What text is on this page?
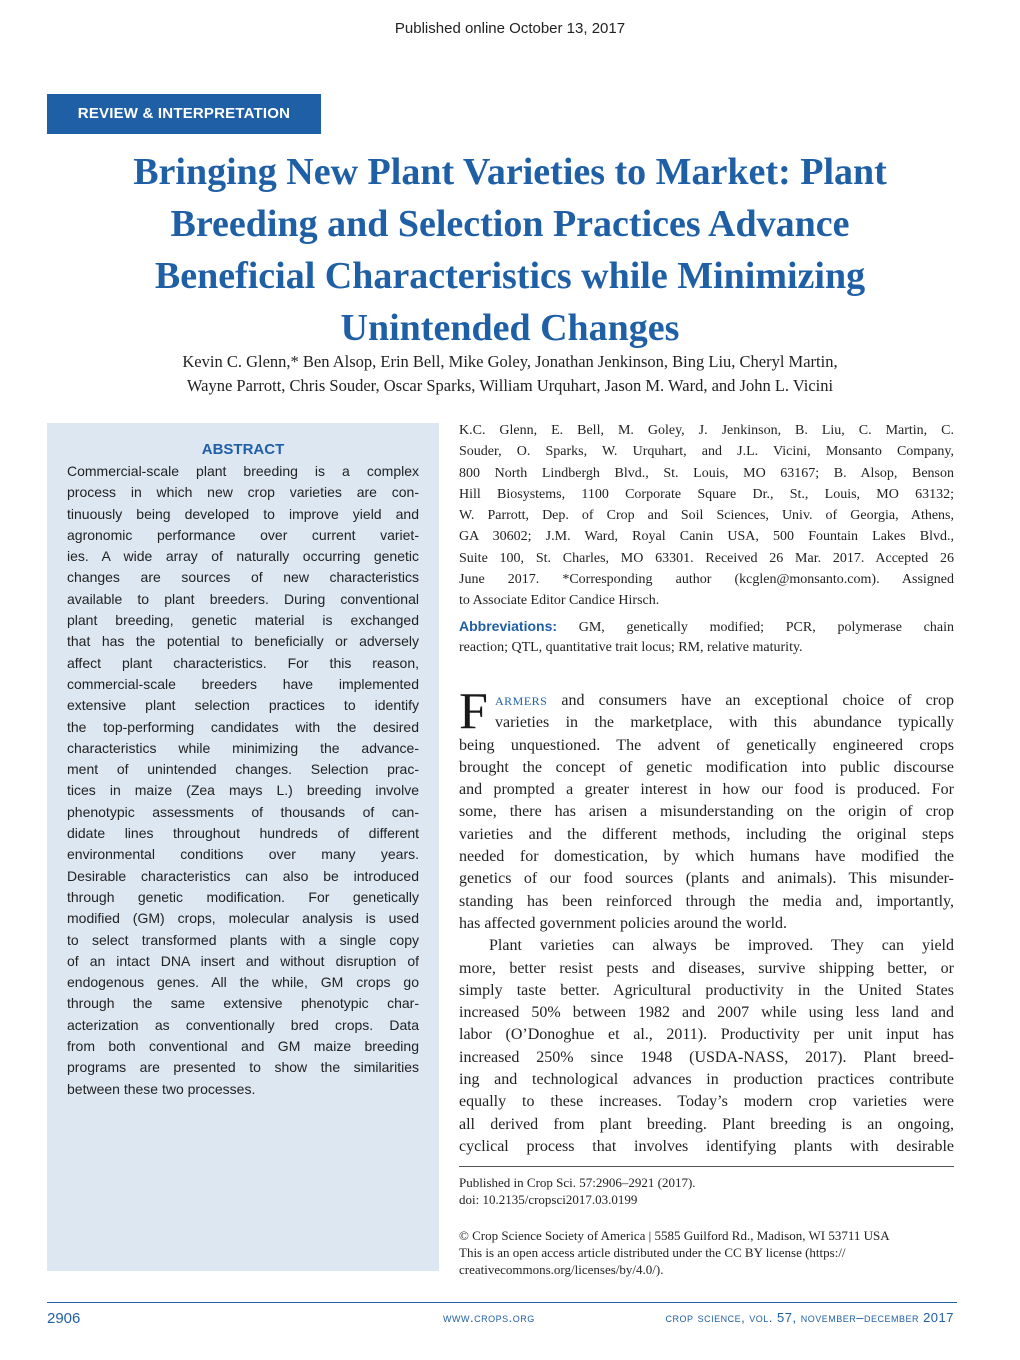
Published online October 13, 2017
REVIEW & INTERPRETATION
Bringing New Plant Varieties to Market: Plant
Breeding and Selection Practices Advance
Beneficial Characteristics while Minimizing
Unintended Changes
Kevin C. Glenn,* Ben Alsop, Erin Bell, Mike Goley, Jonathan Jenkinson, Bing Liu, Cheryl Martin,
Wayne Parrott, Chris Souder, Oscar Sparks, William Urquhart, Jason M. Ward, and John L. Vicini
ABSTRACT
Commercial-scale plant breeding is a complex
process in which new crop varieties are con-
tinuously being developed to improve yield and
agronomic performance over current variet-
ies. A wide array of naturally occurring genetic
changes are sources of new characteristics
available to plant breeders. During conventional
plant breeding, genetic material is exchanged
that has the potential to beneficially or adversely
affect plant characteristics. For this reason,
commercial-scale breeders have implemented
extensive plant selection practices to identify
the top-performing candidates with the desired
characteristics while minimizing the advance-
ment of unintended changes. Selection prac-
tices in maize (Zea mays L.) breeding involve
phenotypic assessments of thousands of can-
didate lines throughout hundreds of different
environmental conditions over many years.
Desirable characteristics can also be introduced
through genetic modification. For genetically
modified (GM) crops, molecular analysis is used
to select transformed plants with a single copy
of an intact DNA insert and without disruption of
endogenous genes. All the while, GM crops go
through the same extensive phenotypic char-
acterization as conventionally bred crops. Data
from both conventional and GM maize breeding
programs are presented to show the similarities
between these two processes.
K.C. Glenn, E. Bell, M. Goley, J. Jenkinson, B. Liu, C. Martin, C.
Souder, O. Sparks, W. Urquhart, and J.L. Vicini, Monsanto Company,
800 North Lindbergh Blvd., St. Louis, MO 63167; B. Alsop, Benson
Hill Biosystems, 1100 Corporate Square Dr., St., Louis, MO 63132;
W. Parrott, Dep. of Crop and Soil Sciences, Univ. of Georgia, Athens,
GA 30602; J.M. Ward, Royal Canin USA, 500 Fountain Lakes Blvd.,
Suite 100, St. Charles, MO 63301. Received 26 Mar. 2017. Accepted 26
June 2017. *Corresponding author (kcglen@monsanto.com). Assigned
to Associate Editor Candice Hirsch.
Abbreviations: GM, genetically modified; PCR, polymerase chain
reaction; QTL, quantitative trait locus; RM, relative maturity.
F ARMERS and consumers have an exceptional choice of crop
varieties in the marketplace, with this abundance typically
being unquestioned. The advent of genetically engineered crops
brought the concept of genetic modification into public discourse
and prompted a greater interest in how our food is produced. For
some, there has arisen a misunderstanding on the origin of crop
varieties and the different methods, including the original steps
needed for domestication, by which humans have modified the
genetics of our food sources (plants and animals). This misunder-
standing has been reinforced through the media and, importantly,
has affected government policies around the world.
Plant varieties can always be improved. They can yield
more, better resist pests and diseases, survive shipping better, or
simply taste better. Agricultural productivity in the United States
increased 50% between 1982 and 2007 while using less land and
labor (O’Donoghue et al., 2011). Productivity per unit input has
increased 250% since 1948 (USDA-NASS, 2017). Plant breed-
ing and technological advances in production practices contribute
equally to these increases. Today’s modern crop varieties were
all derived from plant breeding. Plant breeding is an ongoing,
cyclical process that involves identifying plants with desirable
Published in Crop Sci. 57:2906–2921 (2017).
doi: 10.2135/cropsci2017.03.0199
© Crop Science Society of America | 5585 Guilford Rd., Madison, WI 53711 USA
This is an open access article distributed under the CC BY license (https://
creativecommons.org/licenses/by/4.0/).
2906	www.crops.org	crop science, vol. 57, november–december 2017
